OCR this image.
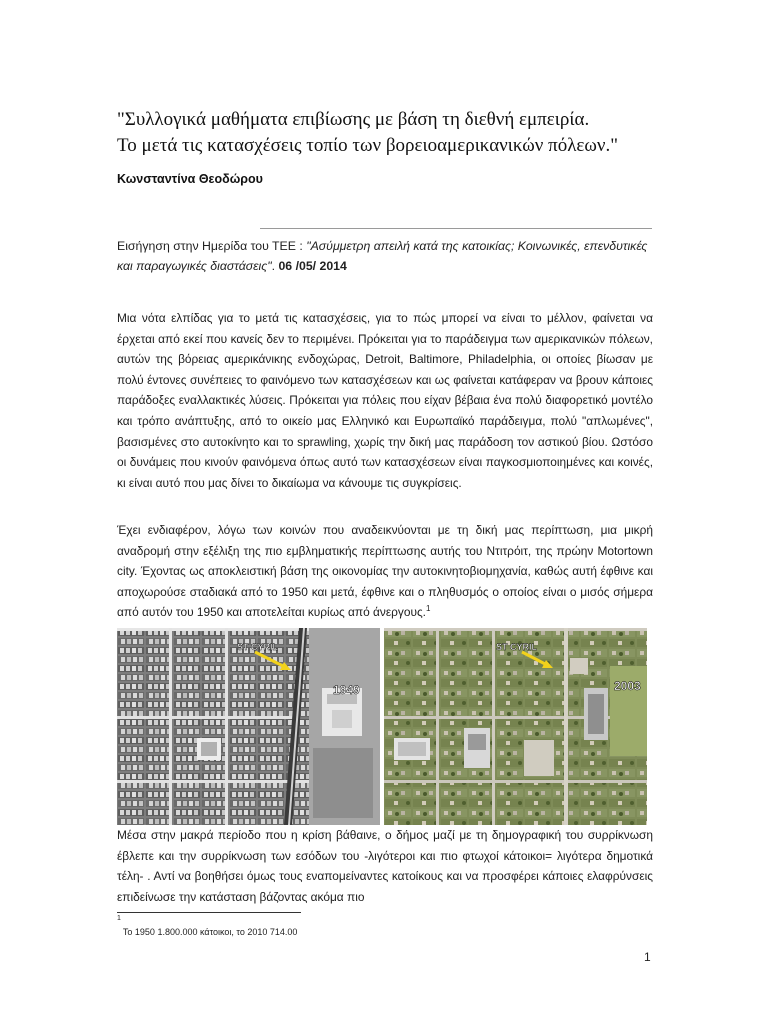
"Συλλογικά μαθήματα επιβίωσης με βάση τη διεθνή εμπειρία.
Το μετά τις κατασχέσεις τοπίο των βορειοαμερικανικών πόλεων."
Κωνσταντίνα Θεοδώρου
Εισήγηση στην Ημερίδα του ΤΕΕ : "Ασύμμετρη απειλή κατά της κατοικίας; Κοινωνικές, επενδυτικές και παραγωγικές διαστάσεις". 06 /05/ 2014
Μια νότα ελπίδας για το μετά τις κατασχέσεις, για το πώς μπορεί να είναι το μέλλον, φαίνεται να έρχεται από εκεί που κανείς δεν το περιμένει. Πρόκειται για το παράδειγμα των αμερικανικών πόλεων, αυτών της βόρειας αμερικάνικης ενδοχώρας, Detroit, Baltimore, Philadelphia, οι οποίες βίωσαν με πολύ έντονες συνέπειες το φαινόμενο των κατασχέσεων και ως φαίνεται κατάφεραν να βρουν κάποιες παράδοξες εναλλακτικές λύσεις. Πρόκειται για πόλεις που είχαν βέβαια ένα πολύ διαφορετικό μοντέλο και τρόπο ανάπτυξης, από το οικείο μας Ελληνικό και Ευρωπαϊκό παράδειγμα, πολύ "απλωμένες", βασισμένες στο αυτοκίνητο και το sprawling, χωρίς την δική μας παράδοση τον αστικού βίου. Ωστόσο οι δυνάμεις που κινούν φαινόμενα όπως αυτό των κατασχέσεων είναι παγκοσμιοποιημένες και κοινές, κι είναι αυτό που μας δίνει το δικαίωμα να κάνουμε τις συγκρίσεις.
Έχει ενδιαφέρον, λόγω των κοινών που αναδεικνύονται με τη δική μας περίπτωση, μια μικρή αναδρομή στην εξέλιξη της πιο εμβληματικής περίπτωσης αυτής του Ντιτρόιτ, της πρώην Motortown city. Έχοντας ως αποκλειστική βάση της οικονομίας την αυτοκινητοβιομηχανία, καθώς αυτή έφθινε και αποχωρούσε σταδιακά από το 1950 και μετά, έφθινε και ο πληθυσμός ο οποίος είναι ο μισός σήμερα από αυτόν του 1950 και αποτελείται κυρίως από άνεργους.$^1$
ST CYRIL
1949
ST CYRIL
2003
Μέσα στην μακρά περίοδο που η κρίση βάθαινε, ο δήμος μαζί με τη δημογραφική του συρρίκνωση έβλεπε και την συρρίκνωση των εσόδων του -λιγότεροι και πιο φτωχοί κάτοικοι= λιγότερα δημοτικά τέλη- . Αντί να βοηθήσει όμως τους εναπομείναντες κατοίκους και να προσφέρει κάποιες ελαφρύνσεις επιδείνωσε την κατάσταση βάζοντας ακόμα πιο
$^1$Το 1950 1.800.000 κάτοικοι, το 2010 714.00
1
